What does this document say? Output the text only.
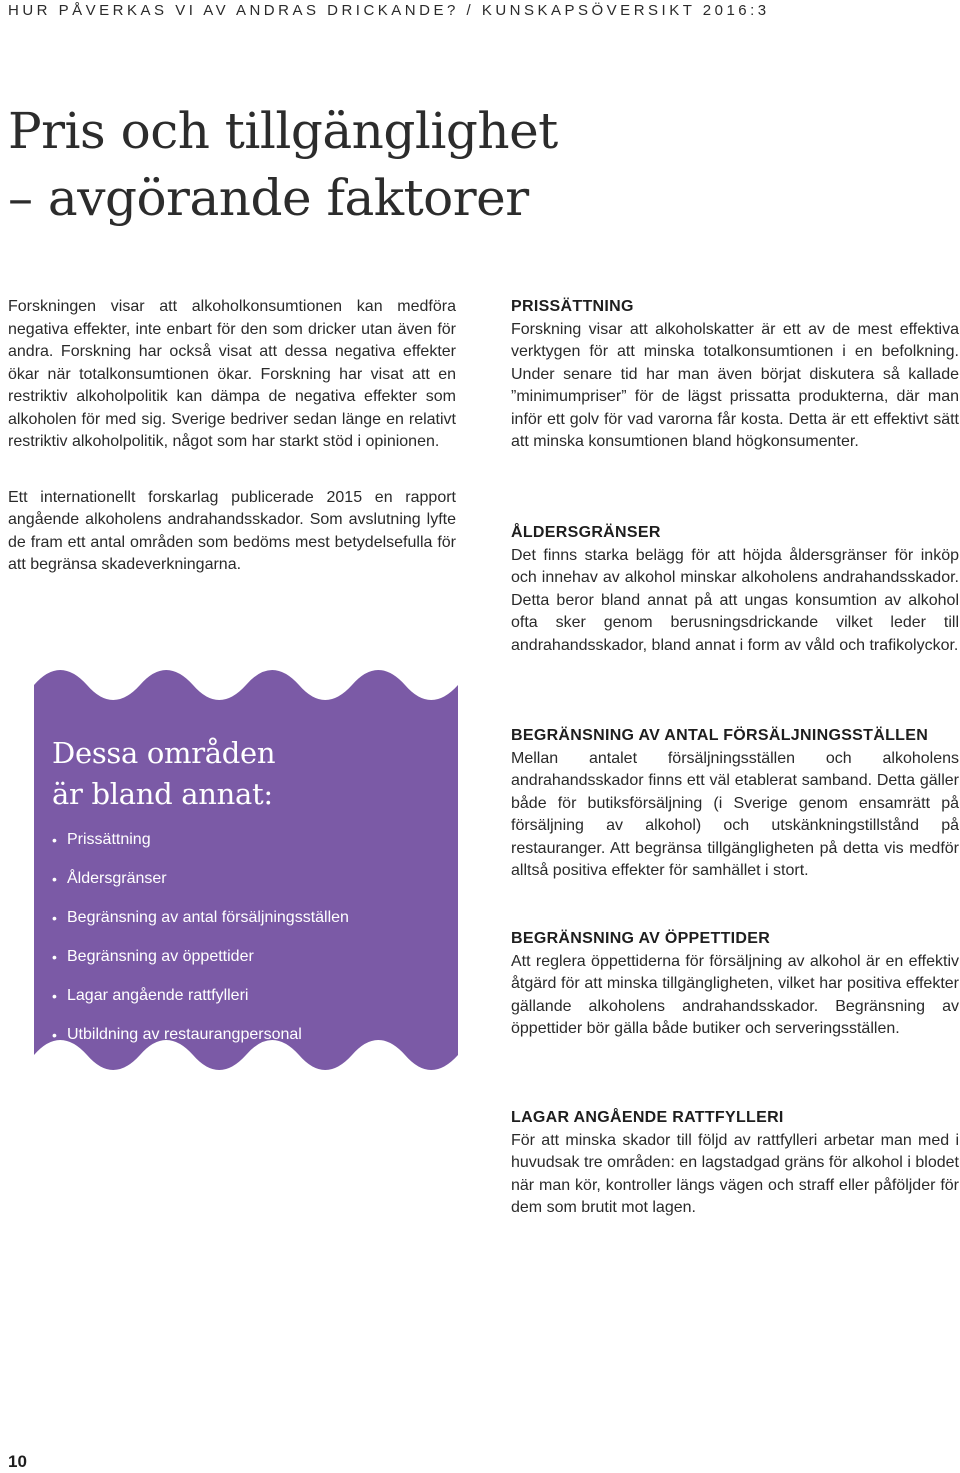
HUR PÅVERKAS VI AV ANDRAS DRICKANDE? / KUNSKAPSÖVERSIKT 2016:3
Pris och tillgänglighet
– avgörande faktorer

Forskningen visar att alkoholkonsumtionen kan medföra negativa effekter, inte enbart för den som dricker utan även för andra. Forskning har också visat att dessa negativa effekter ökar när totalkonsumtionen ökar. Forskning har visat att en restriktiv alkoholpolitik kan dämpa de negativa effekter som alkoholen för med sig. Sverige bedriver sedan länge en relativt restriktiv alkoholpolitik, något som har starkt stöd i opinionen.

Ett internationellt forskarlag publicerade 2015 en rapport angående alkoholens andrahandsskador. Som avslutning lyfte de fram ett antal områden som bedöms mest betydelsefulla för att begränsa skadeverkningarna.

Dessa områden
är bland annat:
• Prissättning
• Åldersgränser
• Begränsning av antal försäljningsställen
• Begränsning av öppettider
• Lagar angående rattfylleri
• Utbildning av restaurangpersonal
PRISSÄTTNING

Forskning visar att alkoholskatter är ett av de mest effektiva verktygen för att minska totalkonsumtionen i en befolkning. Under senare tid har man även börjat diskutera så kallade ”minimumpriser” för de lägst prissatta produkterna, där man inför ett golv för vad varorna får kosta. Detta är ett effektivt sätt att minska konsumtionen bland högkonsumenter.

ÅLDERSGRÄNSER

Det finns starka belägg för att höjda åldersgränser för inköp och innehav av alkohol minskar alkoholens andrahandsskador. Detta beror bland annat på att ungas konsumtion av alkohol ofta sker genom berusningsdrickande vilket leder till andrahandsskador, bland annat i form av våld och trafikolyckor.

BEGRÄNSNING AV ANTAL FÖRSÄLJNINGSSTÄLLEN

Mellan antalet försäljningsställen och alkoholens andrahandsskador finns ett väl etablerat samband. Detta gäller både för butiksförsäljning (i Sverige genom ensamrätt på försäljning av alkohol) och utskänkningstillstånd på restauranger. Att begränsa tillgängligheten på detta vis medför alltså positiva effekter för samhället i stort.

BEGRÄNSNING AV ÖPPETTIDER

Att reglera öppettiderna för försäljning av alkohol är en effektiv åtgärd för att minska tillgängligheten, vilket har positiva effekter gällande alkoholens andrahandsskador. Begränsning av öppettider bör gälla både butiker och serveringsställen.

LAGAR ANGÅENDE RATTFYLLERI

För att minska skador till följd av rattfylleri arbetar man med i huvudsak tre områden: en lagstadgad gräns för alkohol i blodet när man kör, kontroller längs vägen och straff eller påföljder för dem som brutit mot lagen.

10
